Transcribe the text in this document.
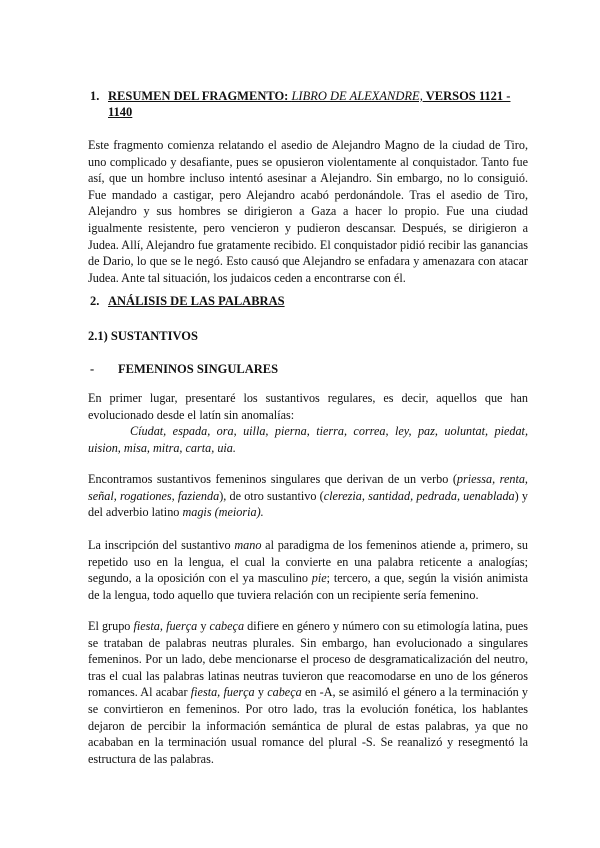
1. RESUMEN DEL FRAGMENTO: LIBRO DE ALEXANDRE, VERSOS 1121 - 1140
Este fragmento comienza relatando el asedio de Alejandro Magno de la ciudad de Tiro, uno complicado y desafiante, pues se opusieron violentamente al conquistador. Tanto fue así, que un hombre incluso intentó asesinar a Alejandro. Sin embargo, no lo consiguió. Fue mandado a castigar, pero Alejandro acabó perdonándole. Tras el asedio de Tiro, Alejandro y sus hombres se dirigieron a Gaza a hacer lo propio. Fue una ciudad igualmente resistente, pero vencieron y pudieron descansar. Después, se dirigieron a Judea. Allí, Alejandro fue gratamente recibido. El conquistador pidió recibir las ganancias de Dario, lo que se le negó. Esto causó que Alejandro se enfadara y amenazara con atacar Judea. Ante tal situación, los judaicos ceden a encontrarse con él.
2. ANÁLISIS DE LAS PALABRAS
2.1) SUSTANTIVOS
- FEMENINOS SINGULARES
En primer lugar, presentaré los sustantivos regulares, es decir, aquellos que han evolucionado desde el latín sin anomalías:
Cíudat, espada, ora, uilla, pierna, tierra, correa, ley, paz, uoluntat, piedat, uision, misa, mitra, carta, uia.
Encontramos sustantivos femeninos singulares que derivan de un verbo (priessa, renta, señal, rogationes, fazienda), de otro sustantivo (clerezia, santidad, pedrada, uenablada) y del adverbio latino magis (meioria).
La inscripción del sustantivo mano al paradigma de los femeninos atiende a, primero, su repetido uso en la lengua, el cual la convierte en una palabra reticente a analogías; segundo, a la oposición con el ya masculino pie; tercero, a que, según la visión animista de la lengua, todo aquello que tuviera relación con un recipiente sería femenino.
El grupo fiesta, fuerça y cabeça difiere en género y número con su etimología latina, pues se trataban de palabras neutras plurales. Sin embargo, han evolucionado a singulares femeninos. Por un lado, debe mencionarse el proceso de desgramaticalización del neutro, tras el cual las palabras latinas neutras tuvieron que reacomodarse en uno de los géneros romances. Al acabar fiesta, fuerça y cabeça en -A, se asimiló el género a la terminación y se convirtieron en femeninos. Por otro lado, tras la evolución fonética, los hablantes dejaron de percibir la información semántica de plural de estas palabras, ya que no acababan en la terminación usual romance del plural -S. Se reanalizó y resegmentó la estructura de las palabras.
